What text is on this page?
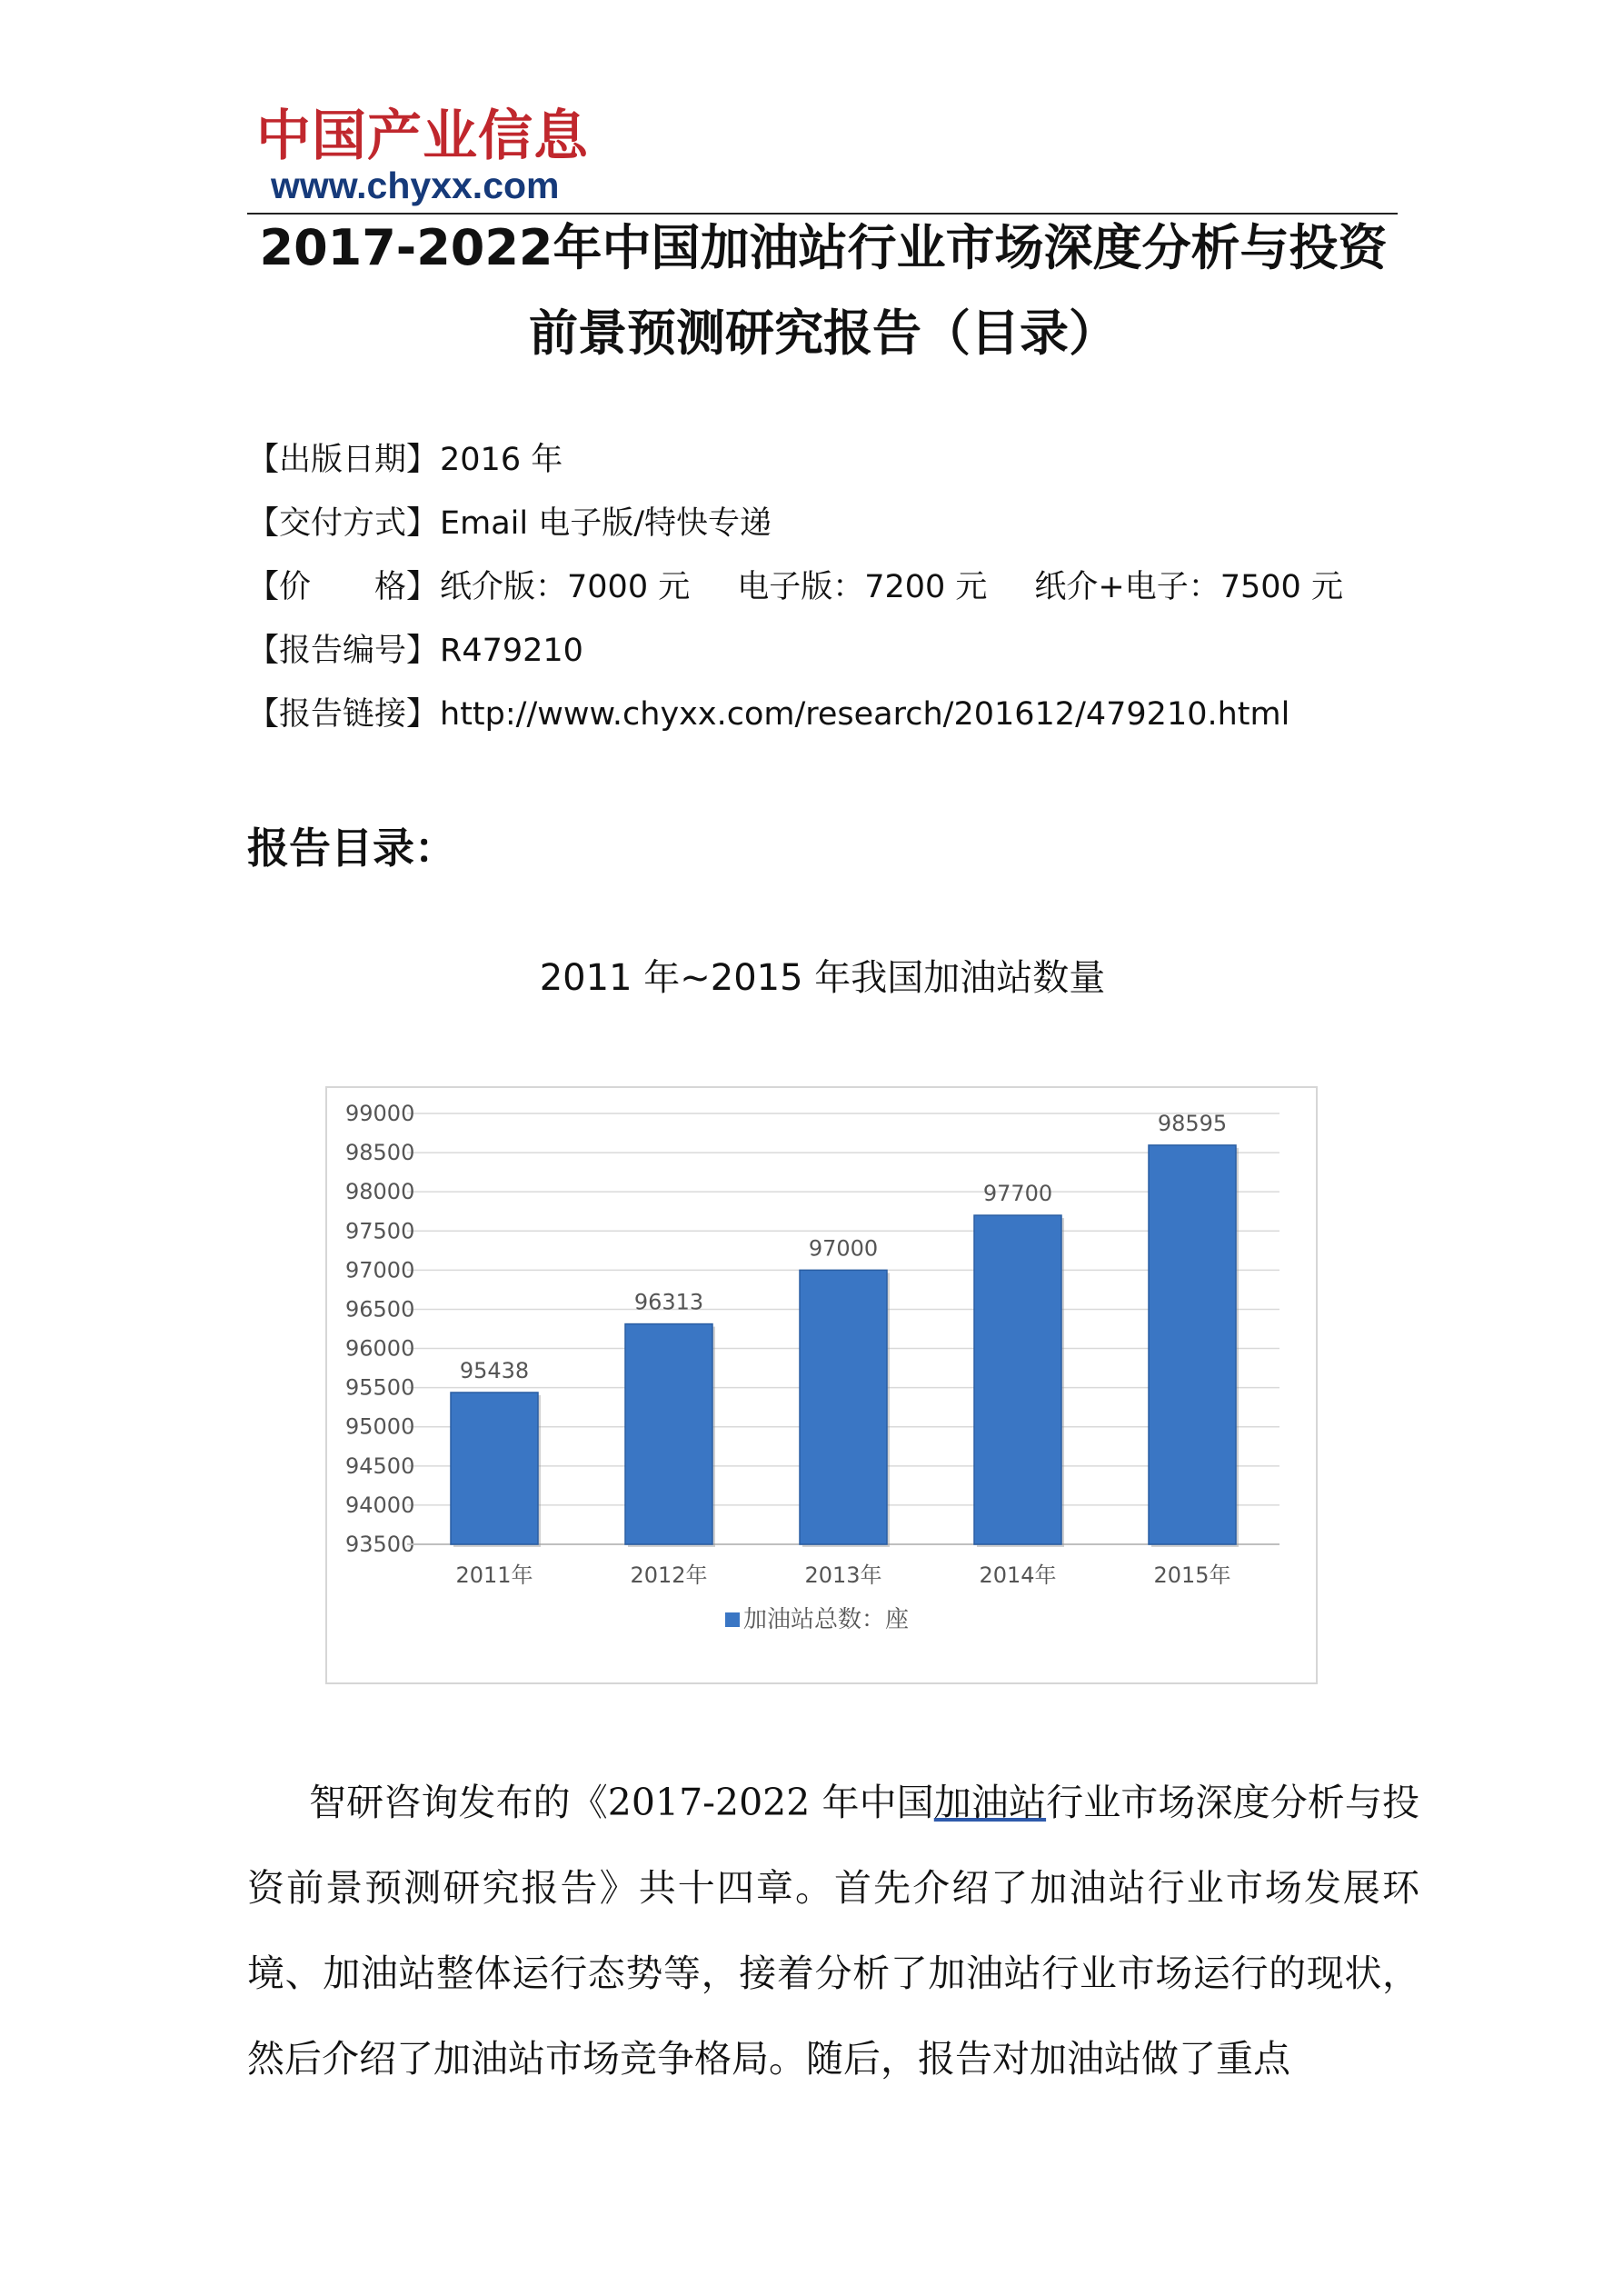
中国产业信息
www.chyxx.com
2017-2022年中国加油站行业市场深度分析与投资前景预测研究报告（目录）
【出版日期】2016 年
【交付方式】Email 电子版/特快专递
【价　　格】纸介版：7000 元 电子版：7200 元 纸介+电子：7500 元
【报告编号】R479210
【报告链接】http://www.chyxx.com/research/201612/479210.html
报告目录：
2011 年~2015 年我国加油站数量
93500
94000
94500
95000
95500
96000
96500
97000
97500
98000
98500
99000
95438
2011年
96313
2012年
97000
2013年
97700
2014年
98595
2015年
加油站总数：座
智研咨询发布的《2017-2022 年中国加油站行业市场深度分析与投资前景预测研究报告》共十四章。首先介绍了加油站行业市场发展环境、加油站整体运行态势等，接着分析了加油站行业市场运行的现状，然后介绍了加油站市场竞争格局。随后，报告对加油站做了重点
